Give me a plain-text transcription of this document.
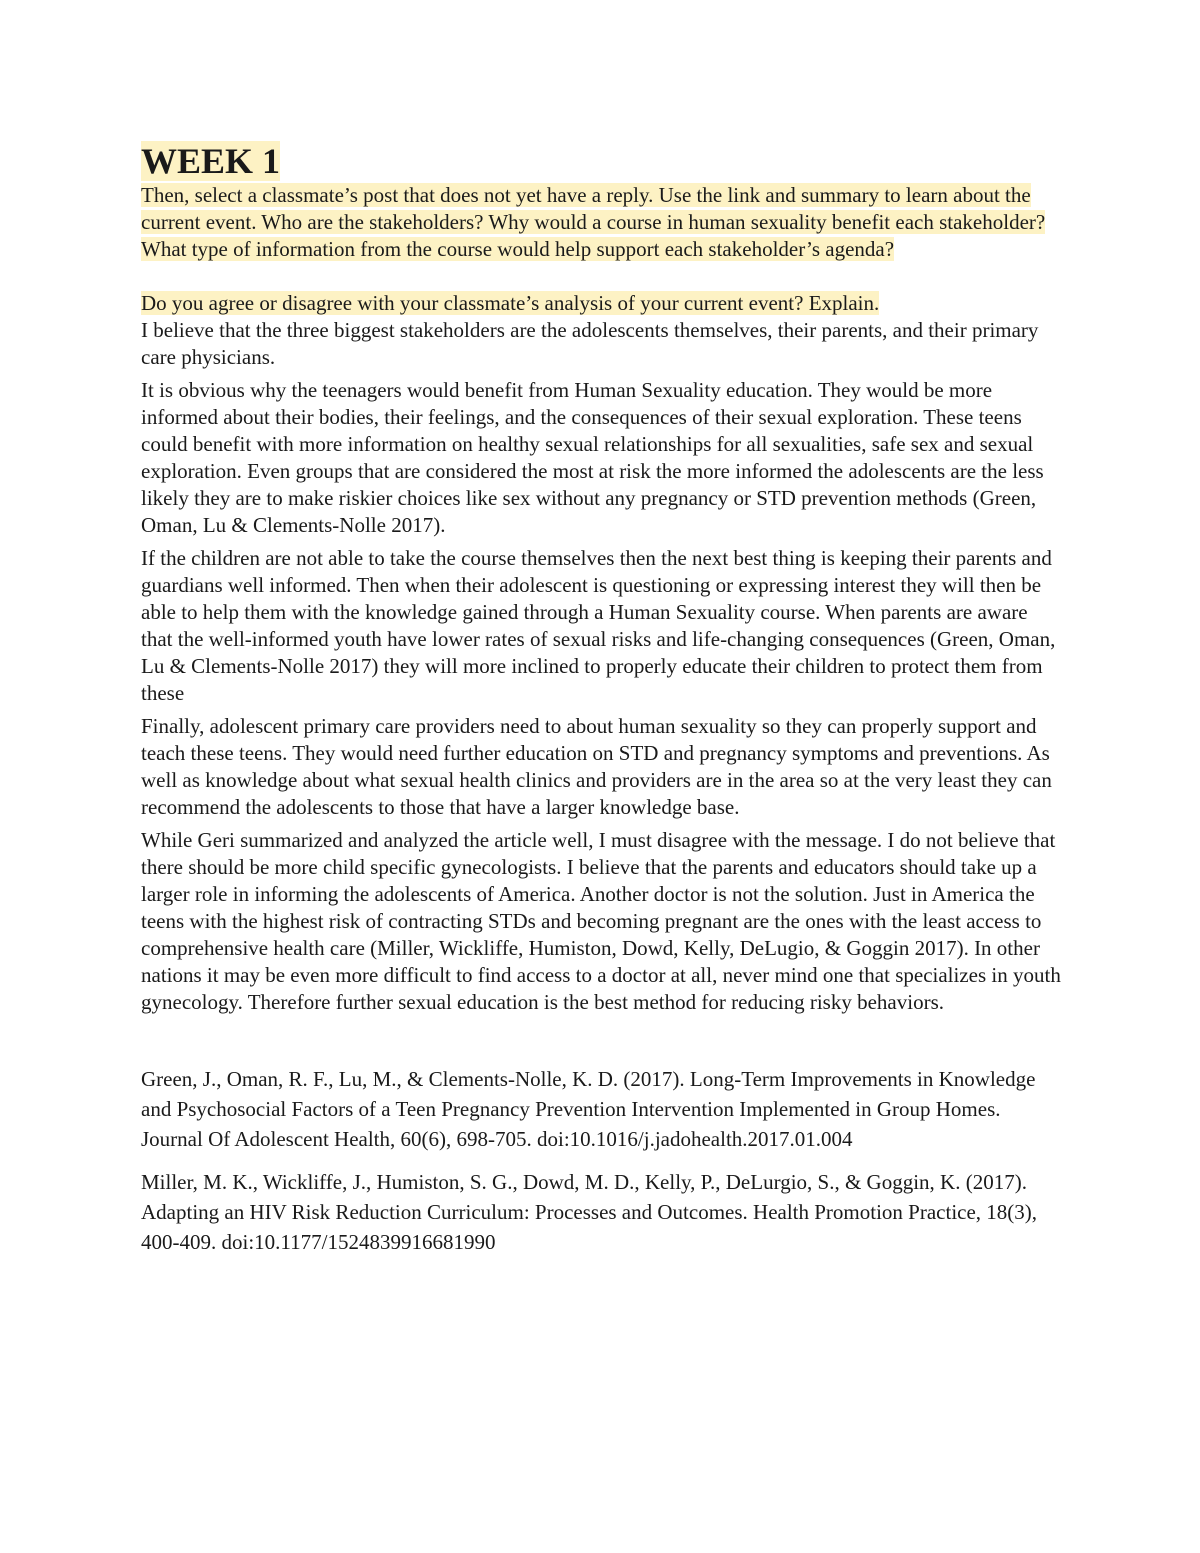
WEEK 1

Then, select a classmate’s post that does not yet have a reply. Use the link and summary to learn about the current event. Who are the stakeholders? Why would a course in human sexuality benefit each stakeholder? What type of information from the course would help support each stakeholder’s agenda?

Do you agree or disagree with your classmate’s analysis of your current event? Explain.

I believe that the three biggest stakeholders are the adolescents themselves, their parents, and their primary care physicians.

It is obvious why the teenagers would benefit from Human Sexuality education. They would be more informed about their bodies, their feelings, and the consequences of their sexual exploration. These teens could benefit with more information on healthy sexual relationships for all sexualities, safe sex and sexual exploration. Even groups that are considered the most at risk the more informed the adolescents are the less likely they are to make riskier choices like sex without any pregnancy or STD prevention methods (Green, Oman, Lu & Clements-Nolle 2017).

If the children are not able to take the course themselves then the next best thing is keeping their parents and guardians well informed. Then when their adolescent is questioning or expressing interest they will then be able to help them with the knowledge gained through a Human Sexuality course. When parents are aware that the well-informed youth have lower rates of sexual risks and life-changing consequences (Green, Oman, Lu & Clements-Nolle 2017) they will more inclined to properly educate their children to protect them from these

Finally, adolescent primary care providers need to about human sexuality so they can properly support and teach these teens. They would need further education on STD and pregnancy symptoms and preventions. As well as knowledge about what sexual health clinics and providers are in the area so at the very least they can recommend the adolescents to those that have a larger knowledge base.

While Geri summarized and analyzed the article well, I must disagree with the message. I do not believe that there should be more child specific gynecologists. I believe that the parents and educators should take up a larger role in informing the adolescents of America. Another doctor is not the solution. Just in America the teens with the highest risk of contracting STDs and becoming pregnant are the ones with the least access to comprehensive health care (Miller, Wickliffe, Humiston, Dowd, Kelly, DeLugio, & Goggin 2017). In other nations it may be even more difficult to find access to a doctor at all, never mind one that specializes in youth gynecology. Therefore further sexual education is the best method for reducing risky behaviors.

Green, J., Oman, R. F., Lu, M., & Clements-Nolle, K. D. (2017). Long-Term Improvements in Knowledge and Psychosocial Factors of a Teen Pregnancy Prevention Intervention Implemented in Group Homes. Journal Of Adolescent Health, 60(6), 698-705. doi:10.1016/j.jadohealth.2017.01.004

Miller, M. K., Wickliffe, J., Humiston, S. G., Dowd, M. D., Kelly, P., DeLurgio, S., & Goggin, K. (2017). Adapting an HIV Risk Reduction Curriculum: Processes and Outcomes. Health Promotion Practice, 18(3), 400-409. doi:10.1177/1524839916681990
